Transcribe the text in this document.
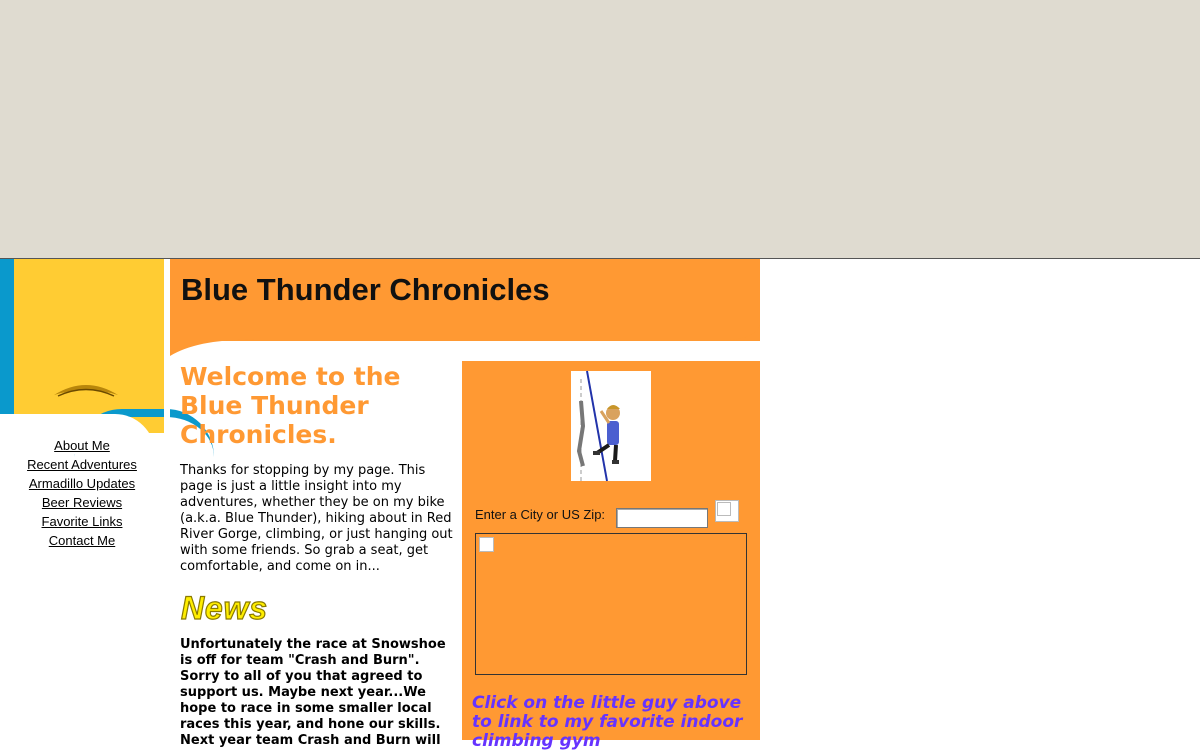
About Me
Recent Adventures
Armadillo Updates
Beer Reviews
Favorite Links
Contact Me
Blue Thunder Chronicles
Welcome to the Blue Thunder Chronicles.

Thanks for stopping by my page. This page is just a little insight into my adventures, whether they be on my bike (a.k.a. Blue Thunder), hiking about in Red River Gorge, climbing, or just hanging out with some friends. So grab a seat, get comfortable, and come on in...

News

Unfortunately the race at Snowshoe is off for team "Crash and Burn". Sorry to all of you that agreed to support us. Maybe next year...We hope to race in some smaller local races this year, and hone our skills. Next year team Crash and Burn will

Enter a City or US Zip:

Click on the little guy above to link to my favorite indoor climbing gym
